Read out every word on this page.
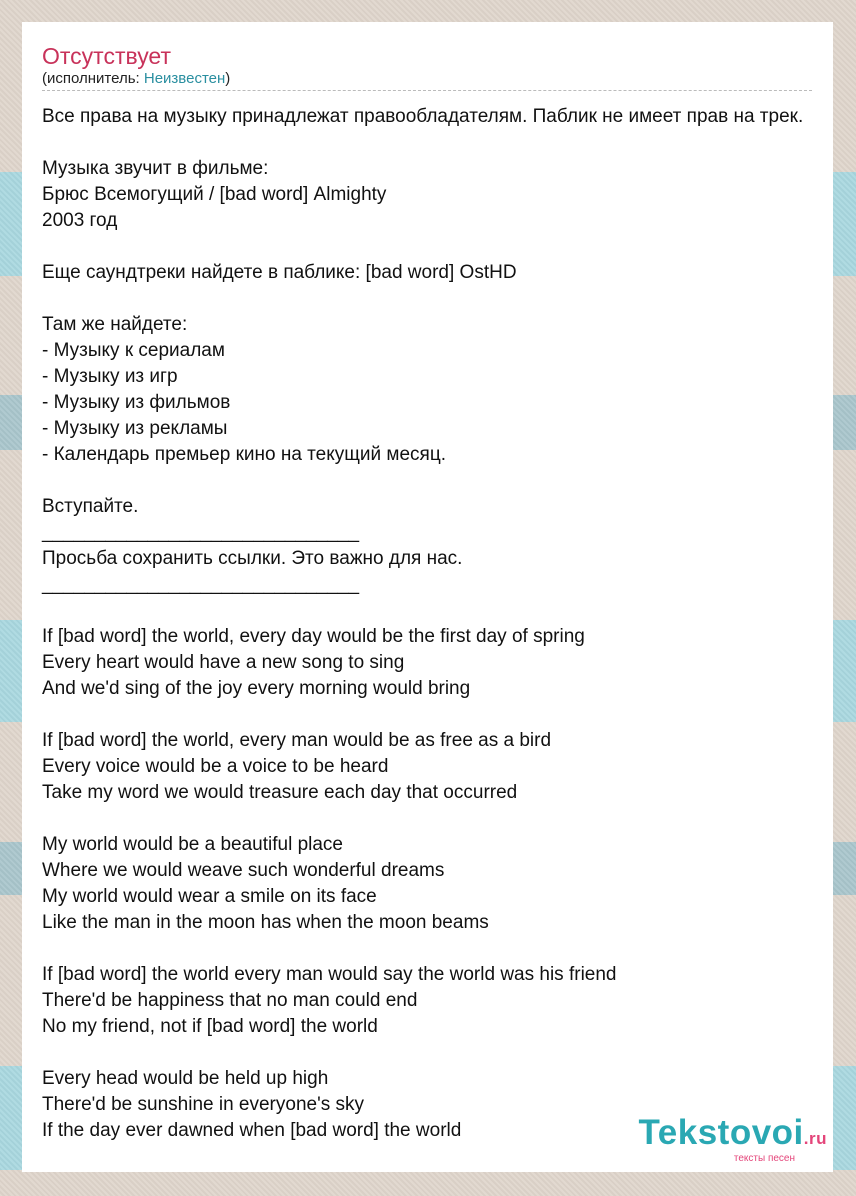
Отсутствует
(исполнитель: Неизвестен)
Все права на музыку принадлежат правообладателям. Паблик не имеет прав на трек.
Музыка звучит в фильме:
Брюс Всемогущий / [bad word] Almighty
2003 год
Еще саундтреки найдете в паблике: [bad word] OstHD
Там же найдете:
- Музыку к сериалам
- Музыку из игр
- Музыку из фильмов
- Музыку из рекламы
- Календарь премьер кино на текущий месяц.
Вступайте.
______________________________
Просьба сохранить ссылки. Это важно для нас.
______________________________
If [bad word] the world, every day would be the first day of spring
Every heart would have a new song to sing
And we'd sing of the joy every morning would bring
If [bad word] the world, every man would be as free as a bird
Every voice would be a voice to be heard
Take my word we would treasure each day that occurred
My world would be a beautiful place
Where we would weave such wonderful dreams
My world would wear a smile on its face
Like the man in the moon has when the moon beams
If [bad word] the world every man would say the world was his friend
There'd be happiness that no man could end
No my friend, not if [bad word] the world
Every head would be held up high
There'd be sunshine in everyone's sky
If the day ever dawned when [bad word] the world	Tekstovoi.ru
тексты песен
